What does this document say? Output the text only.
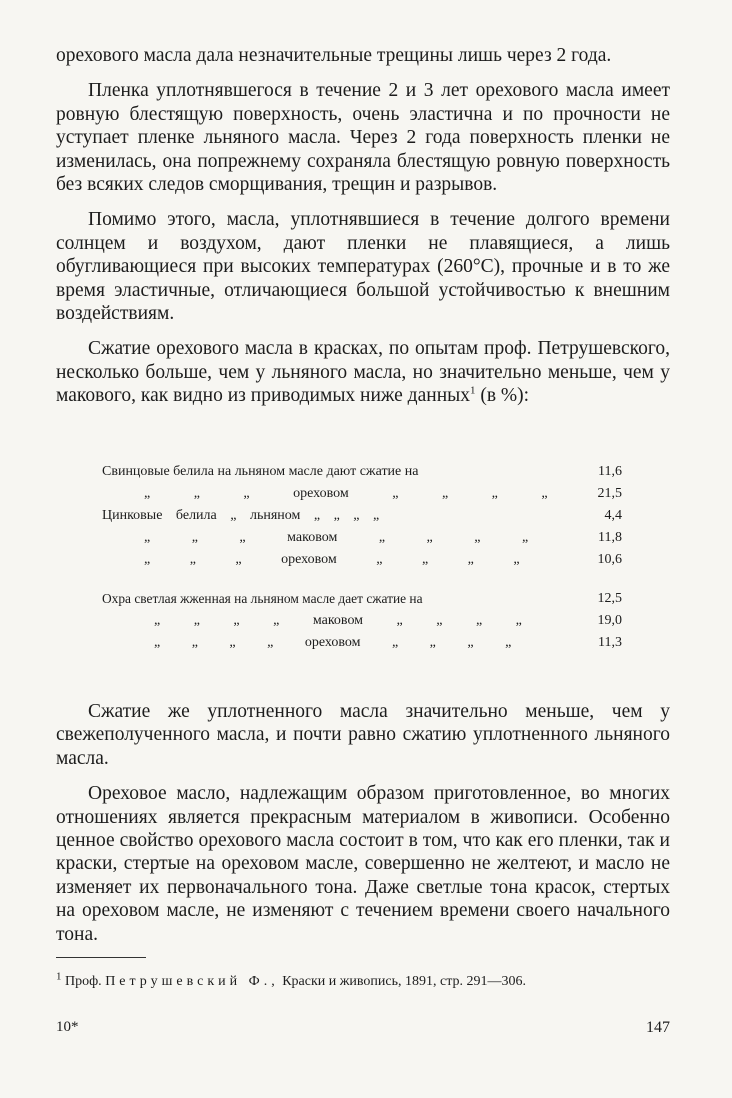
орехового масла дала незначительные трещины лишь через 2 года.

Пленка уплотнявшегося в течение 2 и 3 лет орехового масла имеет ровную блестящую поверхность, очень эластична и по прочности не уступает пленке льняного масла. Через 2 года поверхность пленки не изменилась, она попрежнему сохраняла блестящую ровную поверхность без всяких следов сморщивания, трещин и разрывов.

Помимо этого, масла, уплотнявшиеся в течение долгого времени солнцем и воздухом, дают пленки не плавящиеся, а лишь обугливающиеся при высоких температурах (260°C), прочные и в то же время эластичные, отличающиеся большой устойчивостью к внешним воздействиям.

Сжатие орехового масла в красках, по опытам проф. Петрушевского, несколько больше, чем у льняного масла, но значительно меньше, чем у макового, как видно из приводимых ниже данных$^1$ (в %):

Свинцовые белила на льняном масле дают сжатие на	11,6
„ „ „ ореховом „ „ „ „	21,5
Цинковые белила „ льняном „ „ „ „	4,4
„ „ „ маковом „ „ „ „	11,8
„ „ „ ореховом „ „ „ „	10,6
Охра светлая жженная на льняном масле дает сжатие на	12,5
„ „ „ „ маковом „ „ „ „	19,0
„ „ „ „ ореховом „ „ „ „	11,3

Сжатие же уплотненного масла значительно меньше, чем у свежеполученного масла, и почти равно сжатию уплотненного льняного масла.

Ореховое масло, надлежащим образом приготовленное, во многих отношениях является прекрасным материалом в живописи. Особенно ценное свойство орехового масла состоит в том, что как его пленки, так и краски, стертые на ореховом масле, совершенно не желтеют, и масло не изменяет их первоначального тона. Даже светлые тона красок, стертых на ореховом масле, не изменяют с течением времени своего начального тона.

$^1$ Проф. Петрушевский Ф., Краски и живопись, 1891, стр. 291—306.
10*	147
